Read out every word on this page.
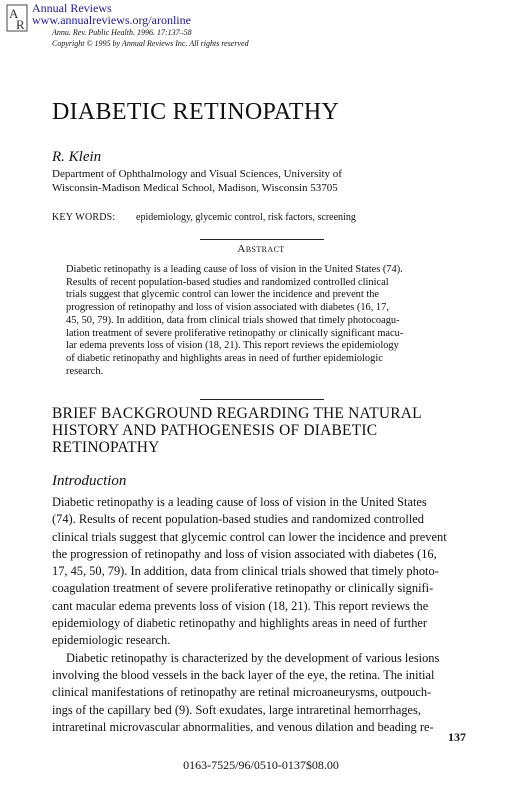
A
R
Annual Reviews
www.annualreviews.org/aronline
Annu. Rev. Public Health. 1996. 17:137–58
Copyright © 1995 by Annual Reviews Inc. All rights reserved
DIABETIC RETINOPATHY
R. Klein
Department of Ophthalmology and Visual Sciences, University of
Wisconsin-Madison Medical School, Madison, Wisconsin 53705
KEY WORDS: epidemiology, glycemic control, risk factors, screening
Abstract
Diabetic retinopathy is a leading cause of loss of vision in the United States (74).
Results of recent population-based studies and randomized controlled clinical
trials suggest that glycemic control can lower the incidence and prevent the
progression of retinopathy and loss of vision associated with diabetes (16, 17,
45, 50, 79). In addition, data from clinical trials showed that timely photocoagu-
lation treatment of severe proliferative retinopathy or clinically significant macu-
lar edema prevents loss of vision (18, 21). This report reviews the epidemiology
of diabetic retinopathy and highlights areas in need of further epidemiologic
research.
BRIEF BACKGROUND REGARDING THE NATURAL
HISTORY AND PATHOGENESIS OF DIABETIC
RETINOPATHY
Introduction
Diabetic retinopathy is a leading cause of loss of vision in the United States
(74). Results of recent population-based studies and randomized controlled
clinical trials suggest that glycemic control can lower the incidence and prevent
the progression of retinopathy and loss of vision associated with diabetes (16,
17, 45, 50, 79). In addition, data from clinical trials showed that timely photo-
coagulation treatment of severe proliferative retinopathy or clinically signifi-
cant macular edema prevents loss of vision (18, 21). This report reviews the
epidemiology of diabetic retinopathy and highlights areas in need of further
epidemiologic research.
Diabetic retinopathy is characterized by the development of various lesions
involving the blood vessels in the back layer of the eye, the retina. The initial
clinical manifestations of retinopathy are retinal microaneurysms, outpouch-
ings of the capillary bed (9). Soft exudates, large intraretinal hemorrhages,
intraretinal microvascular abnormalities, and venous dilation and beading re-
137
0163-7525/96/0510-0137$08.00
